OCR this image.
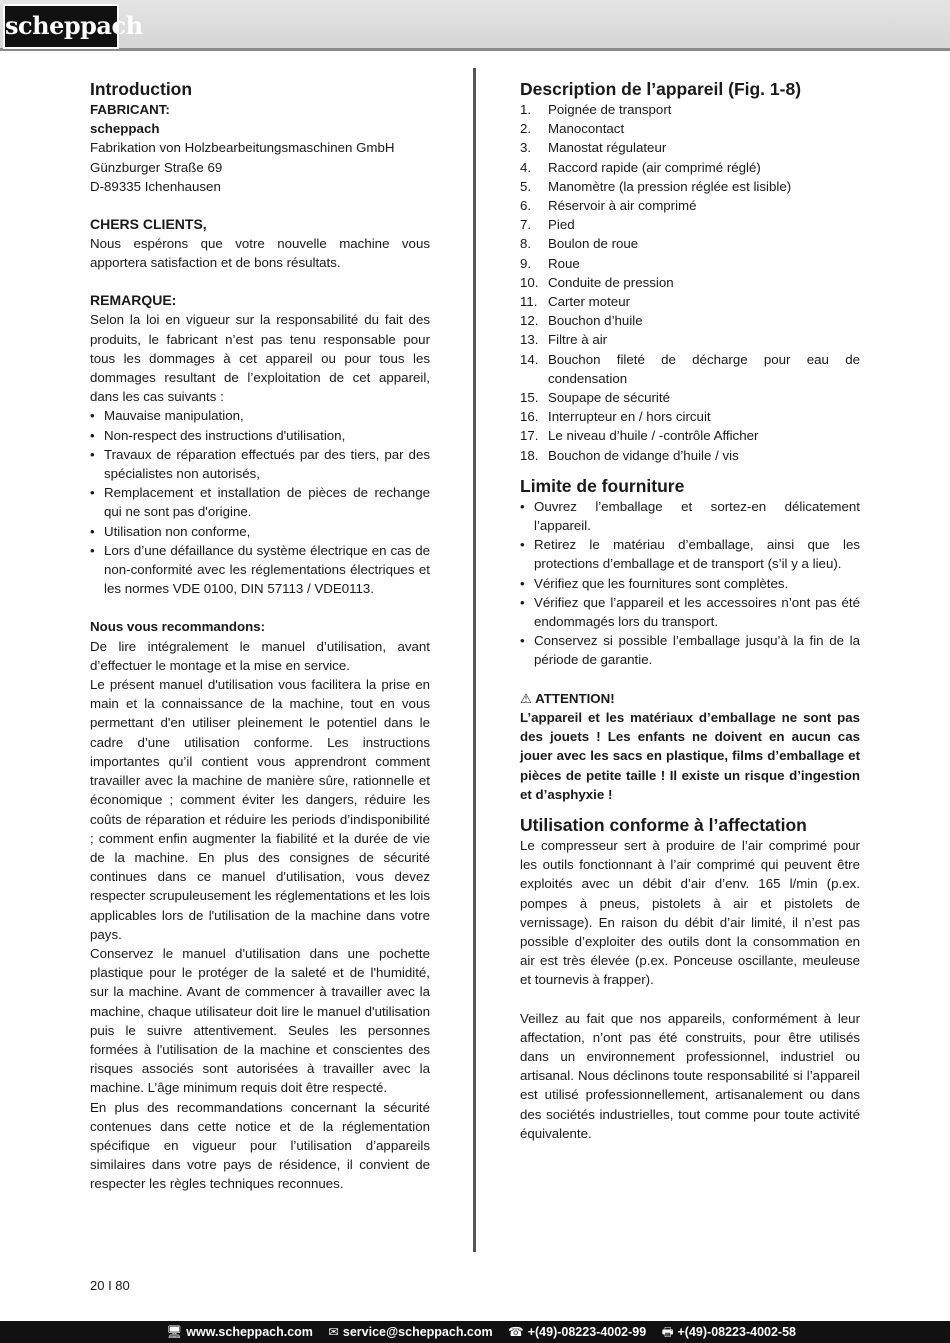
scheppach
Introduction
FABRICANT:
scheppach
Fabrikation von Holzbearbeitungsmaschinen GmbH
Günzburger Straße 69
D-89335 Ichenhausen
CHERS CLIENTS,

Nous espérons que votre nouvelle machine vous apportera satisfaction et de bons résultats.

REMARQUE:

Selon la loi en vigueur sur la responsabilité du fait des produits, le fabricant n’est pas tenu responsable pour tous les dommages à cet appareil ou pour tous les dommages resultant de l’exploitation de cet appareil, dans les cas suivants :

• Mauvaise manipulation,
• Non-respect des instructions d'utilisation,
• Travaux de réparation effectués par des tiers, par des spécialistes non autorisés,
• Remplacement et installation de pièces de rechange qui ne sont pas d'origine.
• Utilisation non conforme,
• Lors d’une défaillance du système électrique en cas de non-conformité avec les réglementations électriques et les normes VDE 0100, DIN 57113 / VDE0113.
Nous vous recommandons:

De lire intégralement le manuel d’utilisation, avant d’effectuer le montage et la mise en service.

Le présent manuel d'utilisation vous facilitera la prise en main et la connaissance de la machine, tout en vous permettant d'en utiliser pleinement le potentiel dans le cadre d’une utilisation conforme. Les instructions importantes qu’il contient vous apprendront comment travailler avec la machine de manière sûre, rationnelle et économique ; comment éviter les dangers, réduire les coûts de réparation et réduire les periods d’indisponibilité ; comment enfin augmenter la fiabilité et la durée de vie de la machine. En plus des consignes de sécurité continues dans ce manuel d'utilisation, vous devez respecter scrupuleusement les réglementations et les lois applicables lors de l'utilisation de la machine dans votre pays.

Conservez le manuel d'utilisation dans une pochette plastique pour le protéger de la saleté et de l'humidité, sur la machine. Avant de commencer à travailler avec la machine, chaque utilisateur doit lire le manuel d'utilisation puis le suivre attentivement. Seules les personnes formées à l'utilisation de la machine et conscientes des risques associés sont autorisées à travailler avec la machine. L’âge minimum requis doit être respecté.

En plus des recommandations concernant la sécurité contenues dans cette notice et de la réglementation spécifique en vigueur pour l’utilisation d’appareils similaires dans votre pays de résidence, il convient de respecter les règles techniques reconnues.

Description de l’appareil (Fig. 1-8)
1.	Poignée de transport
2.	Manocontact
3.	Manostat régulateur
4.	Raccord rapide (air comprimé réglé)
5.	Manomètre (la pression réglée est lisible)
6.	Réservoir à air comprimé
7.	Pied
8.	Boulon de roue
9.	Roue
10. Conduite de pression
11. Carter moteur
12. Bouchon d’huile
13. Filtre à air
14. Bouchon fileté de décharge pour eau de condensation
15. Soupape de sécurité
16. Interrupteur en / hors circuit
17. Le niveau d’huile / -contrôle Afficher
18. Bouchon de vidange d’huile / vis
Limite de fourniture
• Ouvrez l’emballage et sortez-en délicatement l’appareil.
• Retirez le matériau d’emballage, ainsi que les protections d’emballage et de transport (s’il y a lieu).
• Vérifiez que les fournitures sont complètes.
• Vérifiez que l’appareil et les accessoires n’ont pas été endommagés lors du transport.
• Conservez si possible l’emballage jusqu’à la fin de la période de garantie.
⚠ ATTENTION!

L’appareil et les matériaux d’emballage ne sont pas des jouets ! Les enfants ne doivent en aucun cas jouer avec les sacs en plastique, films d’emballage et pièces de petite taille ! Il existe un risque d’ingestion et d’asphyxie !

Utilisation conforme à l’affectation

Le compresseur sert à produire de l’air comprimé pour les outils fonctionnant à l’air comprimé qui peuvent être exploités avec un débit d’air d’env. 165 l/min (p.ex. pompes à pneus, pistolets à air et pistolets de vernissage). En raison du débit d’air limité, il n’est pas possible d’exploiter des outils dont la consommation en air est très élevée (p.ex. Ponceuse oscillante, meuleuse et tournevis à frapper).

Veillez au fait que nos appareils, conformément à leur affectation, n’ont pas été construits, pour être utilisés dans un environnement professionnel, industriel ou artisanal. Nous déclinons toute responsabilité si l’appareil est utilisé professionnellement, artisanalement ou dans des sociétés industrielles, tout comme pour toute activité équivalente.

20 I 80
🖥 www.scheppach.com ✉ service@scheppach.com ☎ +(49)-08223-4002-99 🖶 +(49)-08223-4002-58
